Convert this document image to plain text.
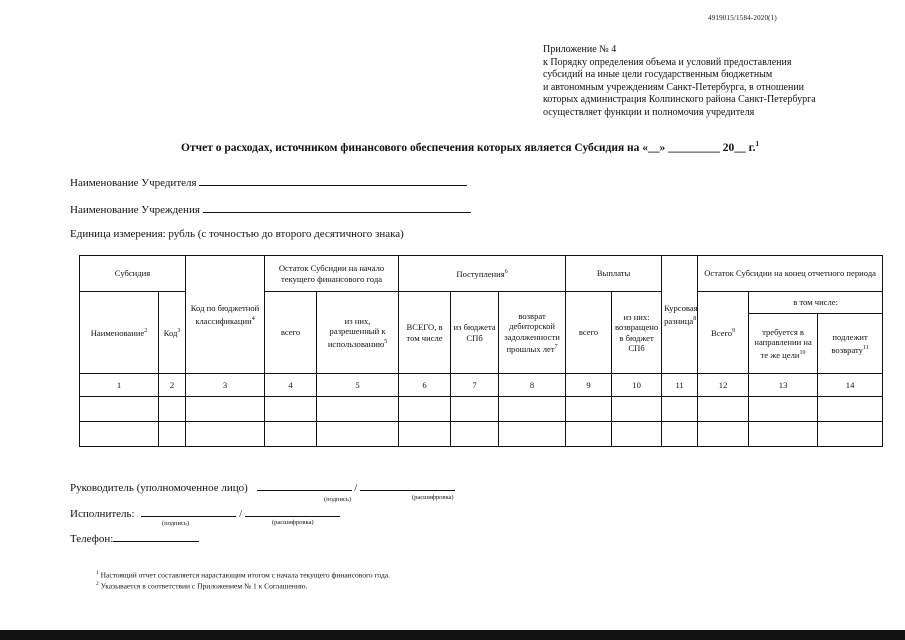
4919015/1584-2020(1)
Приложение № 4
к Порядку определения объема и условий предоставления
субсидий на иные цели государственным бюджетным
и автономным учреждениям Санкт-Петербурга, в отношении
которых администрация Колпинского района Санкт-Петербурга
осуществляет функции и полномочия учредителя
Отчет о расходах, источником финансового обеспечения которых является Субсидия на «__» _________ 20__ г.$^1$
Наименование Учредителя
Наименование Учреждения
Единица измерения: рубль (с точностью до второго десятичного знака)
Субсидия		Код по бюджетной классификации$^4$	Остаток Субсидии на начало текущего финансового года		Поступления$^6$			Выплаты		Курсовая разница$^8$	Остаток Субсидии на конец отчетного периода		
Наименование$^2$	Код$^3$		всего	из них, разрешенный к использованию$^5$	ВСЕГО, в том числе	из бюджета СПб	возврат дебиторской задолженности прошлых лет$^7$	всего	из них: возвращено в бюджет СПб		Всего$^9$	в том числе:	
												требуется в направлении на те же цели$^{10}$	подлежит возврату$^{11}$
1	2	3	4	5	6	7	8	9	10	11	12	13	14

Руководитель (уполномоченное лицо)	/
(подпись)	(расшифровка)
Исполнитель:	/
(подпись)	(расшифровка)
Телефон:
$^1$ Настоящий отчет составляется нарастающим итогом с начала текущего финансового года.
$^2$ Указывается в соответствии с Приложением № 1 к Соглашению.
